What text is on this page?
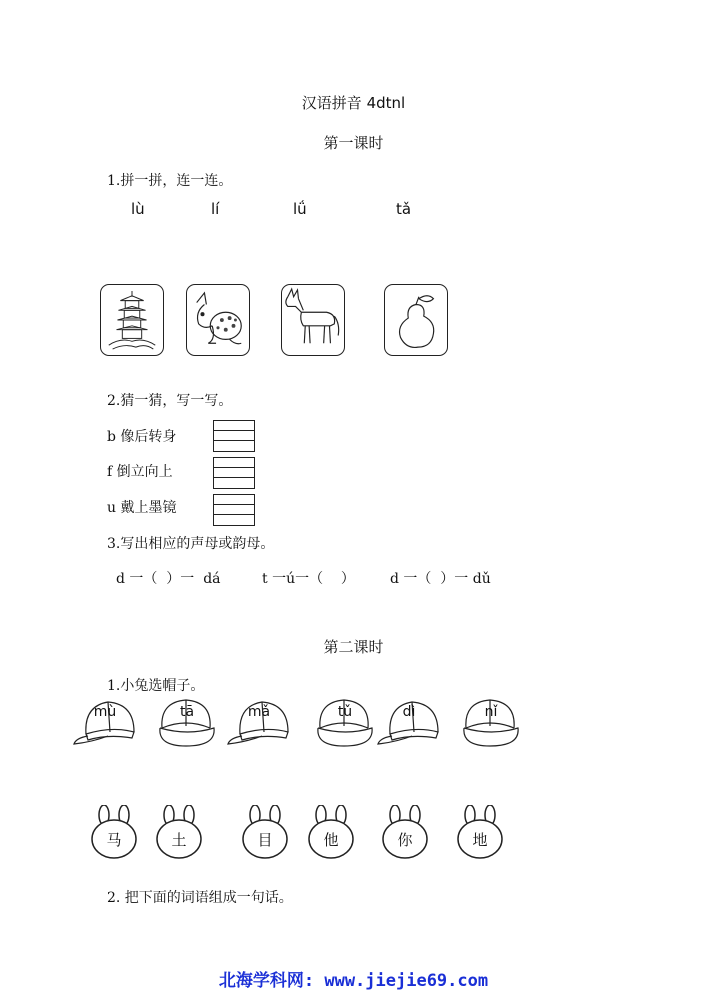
汉语拼音 4dtnl
第一课时
1.拼一拼，连一连。
lù	lí	lǘ	tǎ
2.猜一猜，写一写。
b 像后转身
f 倒立向上
u 戴上墨镜
3.写出相应的声母或韵母。
d 一（  ）一  dá	t 一ú一（    ）	d 一（  ）一 dǔ
第二课时
1.小兔选帽子。
mù	tā	mǎ	tǔ	dì	nǐ
马	土	目	他	你	地
2. 把下面的词语组成一句话。
北海学科网: www.jiejie69.com
